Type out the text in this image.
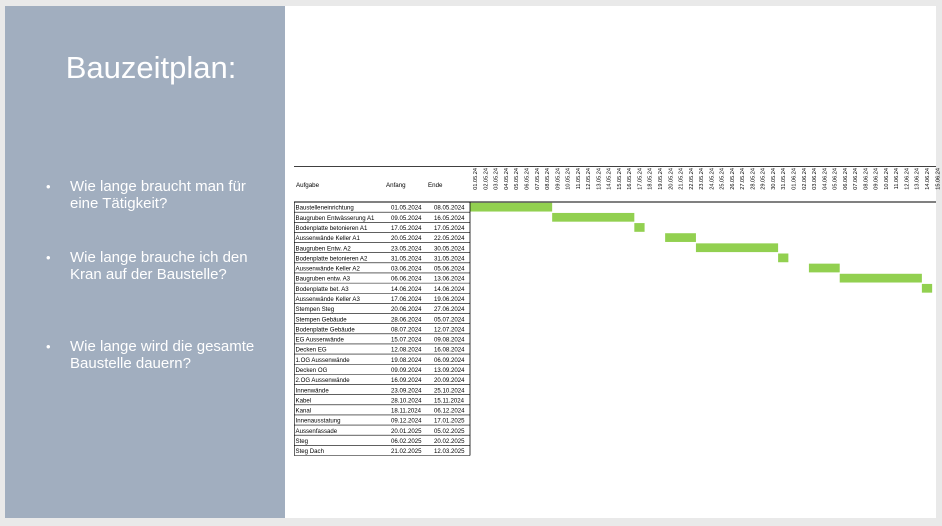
Bauzeitplan:
• Wie lange braucht man für eine Tätigkeit?
• Wie lange brauche ich den Kran auf der Baustelle?
• Wie lange wird die gesamte Baustelle dauern?
Aufgabe	Anfang	Ende	01.05.24 02.05.24 03.05.24 04.05.24 05.05.24 06.05.24 07.05.24 08.05.24 09.05.24 10.05.24 11.05.24 12.05.24 13.05.24 14.05.24 15.05.24 16.05.24 17.05.24 18.05.24 19.05.24 20.05.24 21.05.24 22.05.24 23.05.24 24.05.24 25.05.24 26.05.24 27.05.24 28.05.24 29.05.24 30.05.24 31.05.24 01.06.24 02.06.24 03.06.24 04.06.24 05.06.24 06.06.24 07.06.24 08.06.24 09.06.24 10.06.24 11.06.24 12.06.24 13.06.24 14.06.24 15.06.24
Baustelleneinrichtung	01.05.2024 08.05.2024
Baugruben Entwässerung A1	09.05.2024 16.05.2024
Bodenplatte betonieren A1	17.05.2024 17.05.2024
Aussenwände Keller A1	20.05.2024 22.05.2024
Baugruben Entw. A2	23.05.2024 30.05.2024
Bodenplatte betonieren A2	31.05.2024 31.05.2024
Aussenwände Keller A2	03.06.2024 05.06.2024
Baugruben entw. A3	06.06.2024 13.06.2024
Bodenplatte bet. A3	14.06.2024 14.06.2024
Aussenwände Keller A3	17.06.2024 19.06.2024
Stempen Steg	20.06.2024 27.06.2024
Stempen Gebäude	28.06.2024 05.07.2024
Bodenplatte Gebäude	08.07.2024 12.07.2024
EG Aussenwände	15.07.2024 09.08.2024
Decken EG	12.08.2024 16.08.2024
1.OG Aussenwände	19.08.2024 06.09.2024
Decken OG	09.09.2024 13.09.2024
2.OG Aussenwände	16.09.2024 20.09.2024
Innenwände	23.09.2024 25.10.2024
Kabel	28.10.2024 15.11.2024
Kanal	18.11.2024 06.12.2024
Innenausstatung	09.12.2024 17.01.2025
Aussenfassade	20.01.2025 05.02.2025
Steg	06.02.2025 20.02.2025
Steg Dach	21.02.2025 12.03.2025
